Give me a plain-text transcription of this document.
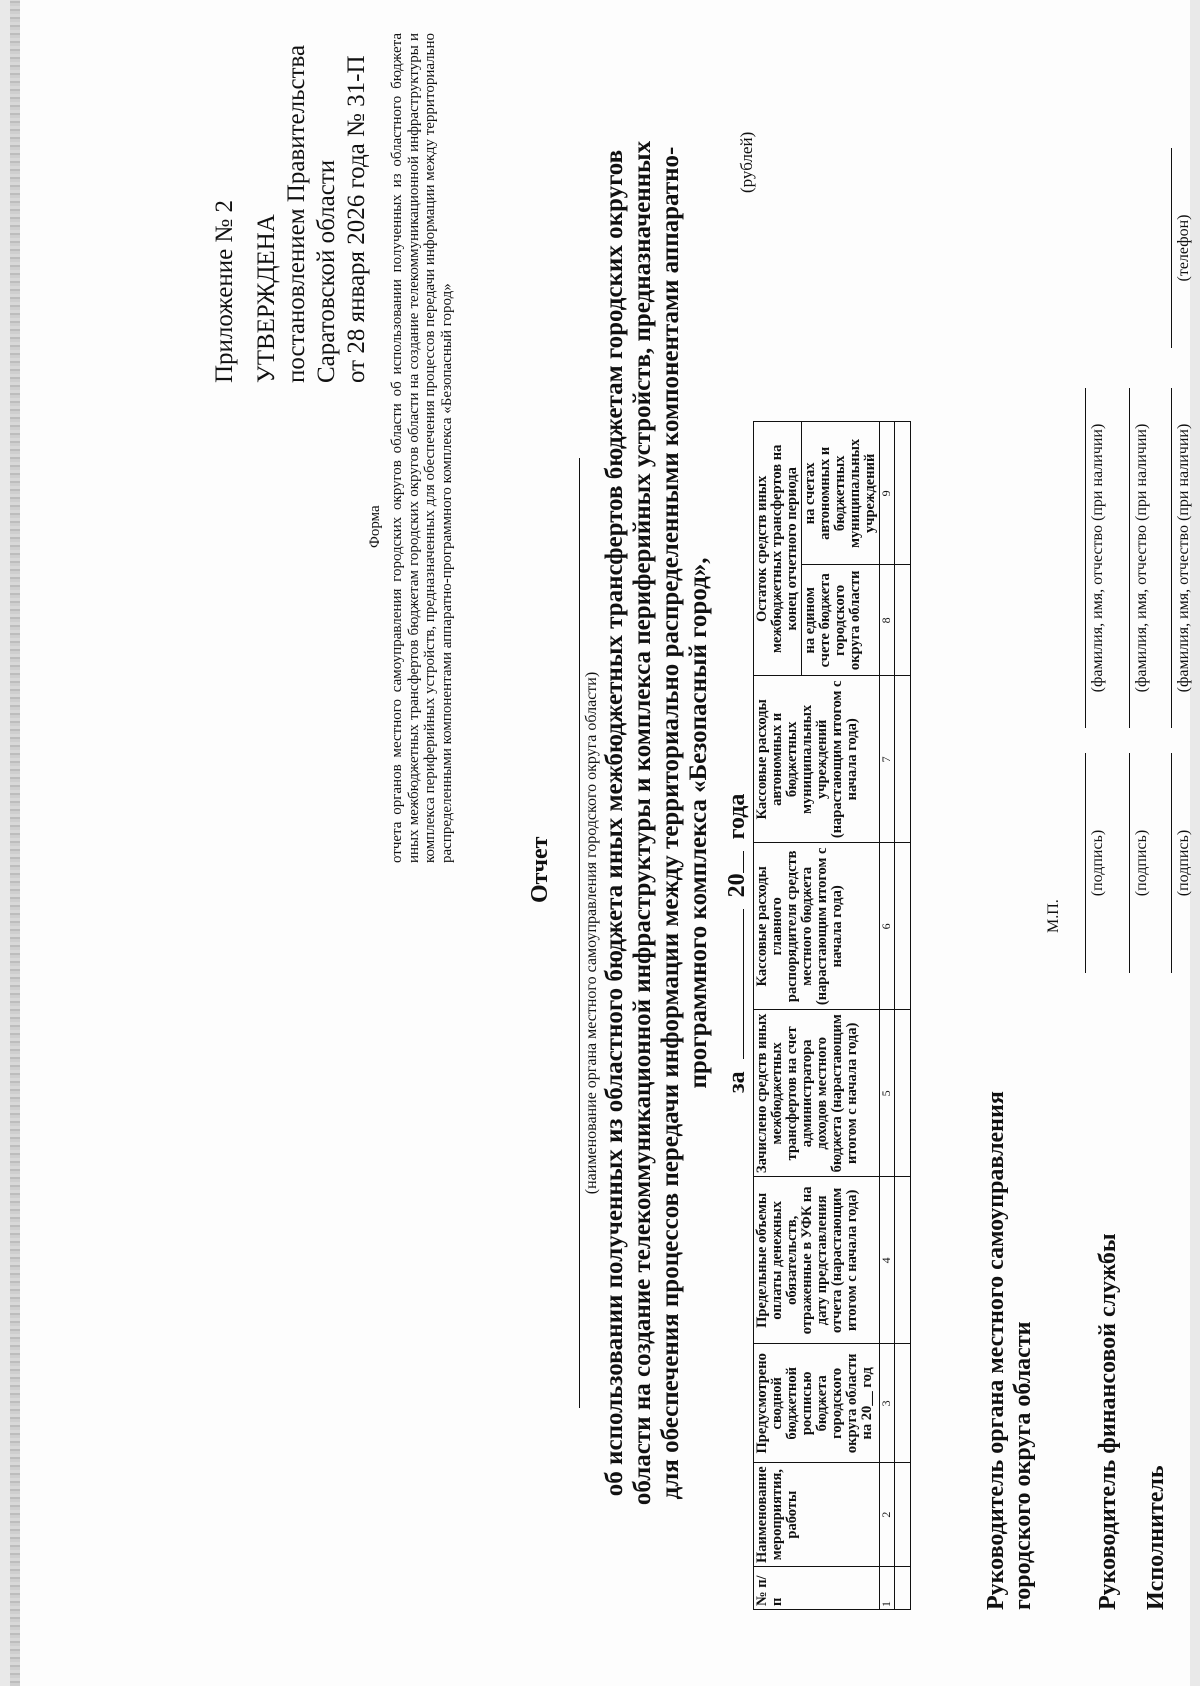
Приложение № 2 УТВЕРЖДЕНА постановлением Правительства Саратовской области от 28 января 2026 года № 31-П
Форма отчета органов местного самоуправления городских округов области об использовании полученных из областного бюджета иных межбюджетных трансфертов бюджетам городских округов области на создание телекоммуникационной инфраструктуры и комплекса периферийных устройств, предназначенных для обеспечения процессов передачи информации между территориально распределенными компонентами аппаратно-программного комплекса «Безопасный город»
Отчет (наименование органа местного самоуправления городского округа области) об использовании полученных из областного бюджета иных межбюджетных трансфертов бюджетам городских округов области на создание телекоммуникационной инфраструктуры и комплекса периферийных устройств, предназначенных для обеспечения процессов передачи информации между территориально распределенными компонентами аппаратно-программного комплекса «Безопасный город», за  20 года
(рублей)
№ п/п	Наименование мероприятия, работы	Предусмотрено сводной бюджетной росписью бюджета городского округа области на 20__ год	Предельные объемы оплаты денежных обязательств, отраженные в УФК на дату представления отчета (нарастающим итогом с начала года)	Зачислено средств иных межбюджетных трансфертов на счет администратора доходов местного бюджета (нарастающим итогом с начала года)	Кассовые расходы главного распорядителя средств местного бюджета (нарастающим итогом с начала года)	Кассовые расходы автономных и бюджетных муниципальных учреждений (нарастающим итогом с начала года)	Остаток средств иных межбюджетных трансфертов на конец отчетного периода	
							на едином счете бюджета городского округа области	на счетах автономных и бюджетных муниципальных учреждений
1	2	3	4	5	6	7	8	9

Руководитель органа местного самоуправления городского округа области
М.П.
(подпись)
(фамилия, имя, отчество (при наличии)
Руководитель финансовой службы
(подпись)
(фамилия, имя, отчество (при наличии)
Исполнитель
(подпись)
(фамилия, имя, отчество (при наличии)
(телефон)
